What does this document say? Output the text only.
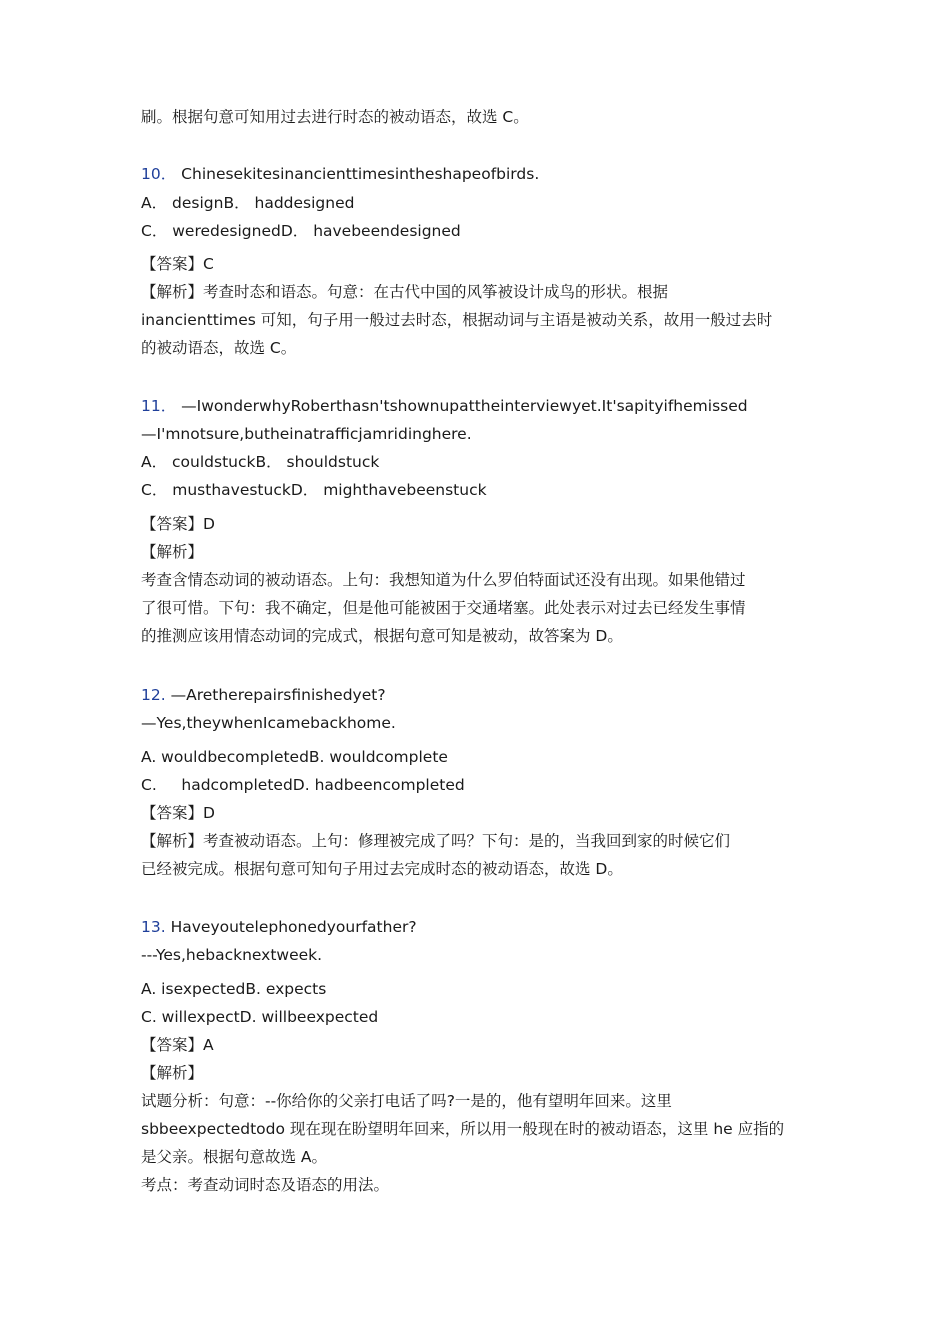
刷。根据句意可知用过去进行时态的被动语态，故选 C。
10． Chinesekitesinancienttimesintheshapeofbirds.
A． designB． haddesigned
C． weredesignedD． havebeendesigned
【答案】C
【解析】考查时态和语态。句意：在古代中国的风筝被设计成鸟的形状。根据
inancienttimes 可知，句子用一般过去时态，根据动词与主语是被动关系，故用一般过去时
的被动语态，故选 C。
11． —IwonderwhyRoberthasn'tshownupattheinterviewyet.It'sapityifhemissed
—I'mnotsure,butheinatrafficjamridinghere.
A． couldstuckB． shouldstuck
C． musthavestuckD． mighthavebeenstuck
【答案】D
【解析】
考查含情态动词的被动语态。上句：我想知道为什么罗伯特面试还没有出现。如果他错过
了很可惜。下句：我不确定，但是他可能被困于交通堵塞。此处表示对过去已经发生事情
的推测应该用情态动词的完成式，根据句意可知是被动，故答案为 D。
12. —Aretherepairsfinishedyet?
—Yes,theywhenIcamebackhome.
A. wouldbecompletedB. wouldcomplete
C.     hadcompletedD. hadbeencompleted
【答案】D
【解析】考查被动语态。上句：修理被完成了吗？下句：是的，当我回到家的时候它们
已经被完成。根据句意可知句子用过去完成时态的被动语态，故选 D。
13. Haveyoutelephonedyourfather?
---Yes,hebacknextweek.
A. isexpectedB. expects
C. willexpectD. willbeexpected
【答案】A
【解析】
试题分析：句意：--你给你的父亲打电话了吗?一是的，他有望明年回来。这里
sbbeexpectedtodo 现在现在盼望明年回来，所以用一般现在时的被动语态，这里 he 应指的
是父亲。根据句意故选 A。
考点：考查动词时态及语态的用法。
